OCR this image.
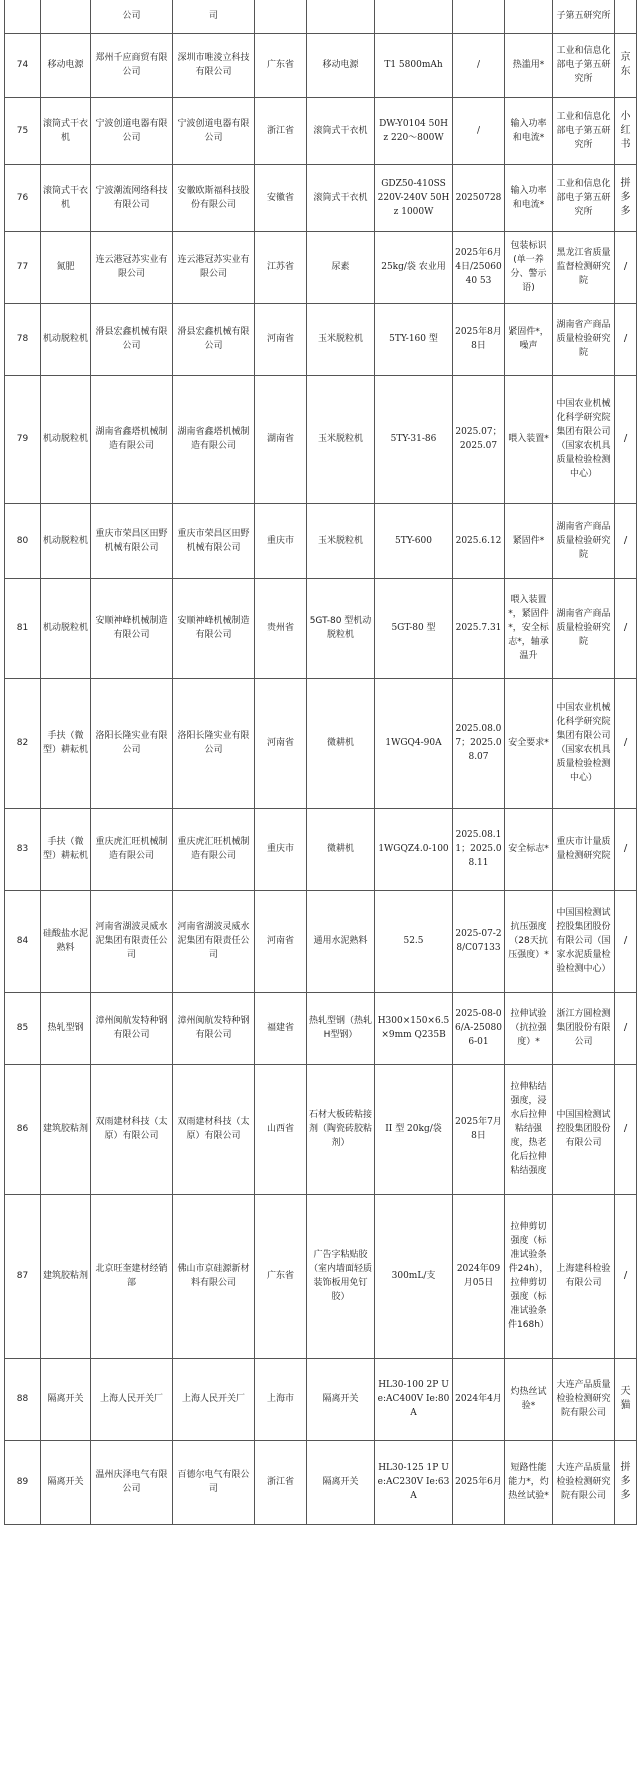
		公司	司						子第五研究所	
74	移动电源	郑州千应商贸有限公司	深圳市唯淩立科技有限公司	广东省	移动电源	T1 5800mAh	/	热滥用*	工业和信息化部电子第五研究所	京东
75	滚筒式干衣机	宁波创道电器有限公司	宁波创道电器有限公司	浙江省	滚筒式干衣机	DW-Y0104 50Hz 220～800W	/	输入功率和电流*	工业和信息化部电子第五研究所	小红书
76	滚筒式干衣机	宁波潮流网络科技有限公司	安徽欧斯福科技股份有限公司	安徽省	滚筒式干衣机	GDZ50-410SS 220V-240V 50Hz 1000W	20250728	输入功率和电流*	工业和信息化部电子第五研究所	拼多多
77	氮肥	连云港冠苏实业有限公司	连云港冠苏实业有限公司	江苏省	尿素	25kg/袋 农业用	2025年6月4日/2506040 53	包装标识(单一养分、警示语)	黑龙江省质量监督检测研究院	/
78	机动脱粒机	滑县宏鑫机械有限公司	滑县宏鑫机械有限公司	河南省	玉米脱粒机	5TY-160 型	2025年8月8日	紧固件*，噪声	湖南省产商品质量检验研究院	/
79	机动脱粒机	湖南省鑫塔机械制造有限公司	湖南省鑫塔机械制造有限公司	湖南省	玉米脱粒机	5TY-31-86	2025.07；2025.07	喂入装置*	中国农业机械化科学研究院集团有限公司（国家农机具质量检验检测中心）	/
80	机动脱粒机	重庆市荣昌区田野机械有限公司	重庆市荣昌区田野机械有限公司	重庆市	玉米脱粒机	5TY-600	2025.6.12	紧固件*	湖南省产商品质量检验研究院	/
81	机动脱粒机	安顺神峰机械制造有限公司	安顺神峰机械制造有限公司	贵州省	5GT-80 型机动脱粒机	5GT-80 型	2025.7.31	喂入装置*，紧固件*，安全标志*，轴承温升	湖南省产商品质量检验研究院	/
82	手扶（微型）耕耘机	洛阳长隆实业有限公司	洛阳长隆实业有限公司	河南省	微耕机	1WGQ4-90A	2025.08.07；2025.08.07	安全要求*	中国农业机械化科学研究院集团有限公司（国家农机具质量检验检测中心）	/
83	手扶（微型）耕耘机	重庆虎汇旺机械制造有限公司	重庆虎汇旺机械制造有限公司	重庆市	微耕机	1WGQZ4.0-100	2025.08.11；2025.08.11	安全标志*	重庆市计量质量检测研究院	/
84	硅酸盐水泥熟料	河南省湖波灵威水泥集团有限责任公司	河南省湖波灵威水泥集团有限责任公司	河南省	通用水泥熟料	52.5	2025-07-28/C07133	抗压强度（28天抗压强度）*	中国国检测试控股集团股份有限公司（国家水泥质量检验检测中心）	/
85	热轧型钢	漳州闽航发特种钢有限公司	漳州闽航发特种钢有限公司	福建省	热轧型钢（热轧H型钢）	H300×150×6.5×9mm Q235B	2025-08-06/A-250806-01	拉伸试验（抗拉强度）*	浙江方圆检测集团股份有限公司	/
86	建筑胶粘剂	双雨建材科技（太原）有限公司	双雨建材科技（太原）有限公司	山西省	石材大板砖粘接剂（陶瓷砖胶粘剂）	II 型 20kg/袋	2025年7月8日	拉伸粘结强度，浸水后拉伸粘结强度，热老化后拉伸粘结强度	中国国检测试控股集团股份有限公司	/
87	建筑胶粘剂	北京旺奎建材经销部	佛山市京硅源新材料有限公司	广东省	广告字粘贴胶（室内墙面轻质装饰板用免钉胶）	300mL/支	2024年09月05日	拉伸剪切强度（标准试验条件24h），拉伸剪切强度（标准试验条件168h）	上海建科检验有限公司	/
88	隔离开关	上海人民开关厂	上海人民开关厂	上海市	隔离开关	HL30-100 2P Ue:AC400V Ie:80A	2024年4月	灼热丝试验*	大连产品质量检验检测研究院有限公司	天猫
89	隔离开关	温州庆泽电气有限公司	百德尔电气有限公司	浙江省	隔离开关	HL30-125 1P Ue:AC230V Ie:63A	2025年6月	短路性能能力*，灼热丝试验*	大连产品质量检验检测研究院有限公司	拼多多
